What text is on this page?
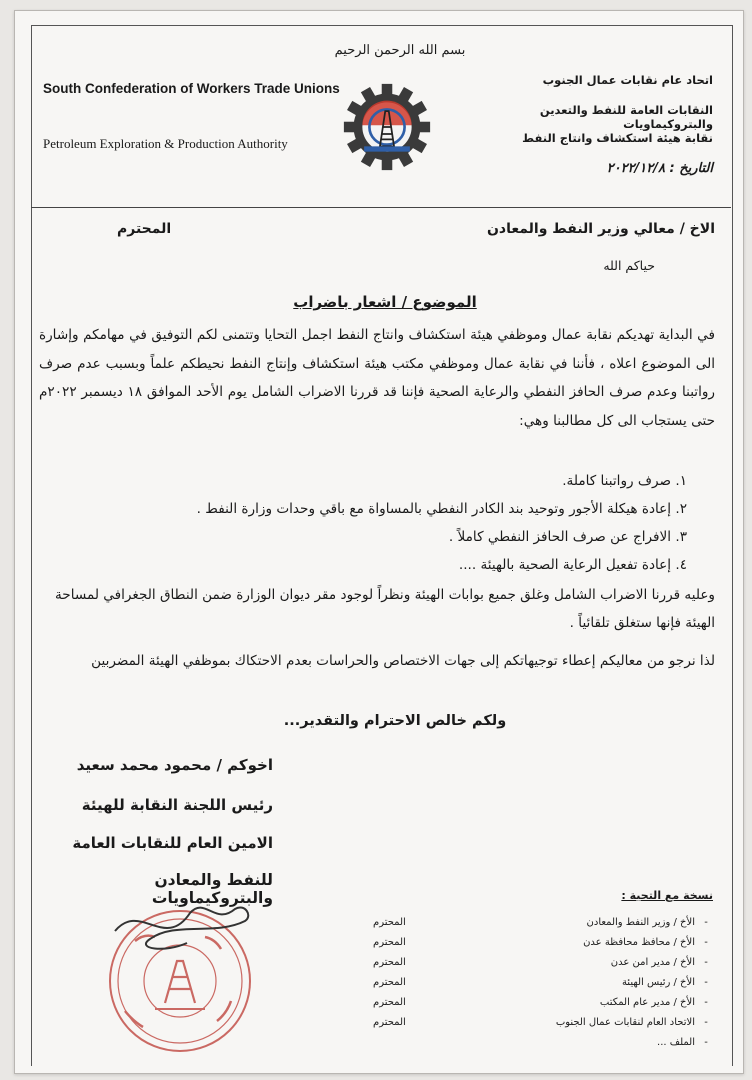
بسم الله الرحمن الرحيم
South Confederation of Workers Trade Unions
Petroleum Exploration & Production Authority
اتحاد عام نقابات عمال الجنوب
النقابات العامة للنفط والتعدين والبتروكيماويات
نقابة هيئة استكشاف وانتاج النفط
التاريخ : ٢٠٢٢/١٢/٨
الاخ / معالي وزير النفط والمعادن
المحترم
حياكم الله
الموضوع / اشعار باضراب
في البداية تهديكم نقابة عمال وموظفي هيئة استكشاف وانتاج النفط اجمل التحايا وتتمنى لكم التوفيق في مهامكم وإشارة الى الموضوع اعلاه ، فأننا في نقابة عمال وموظفي مكتب هيئة استكشاف وإنتاج النفط نحيطكم علماً وبسبب عدم صرف رواتبنا وعدم صرف الحافز النفطي والرعاية الصحية فإننا قد قررنا الاضراب الشامل يوم الأحد الموافق ١٨ ديسمبر ٢٠٢٢م حتى يستجاب الى كل مطالبنا وهي:
١. صرف رواتبنا كاملة.
٢. إعادة هيكلة الأجور وتوحيد بند الكادر النفطي بالمساواة مع باقي وحدات وزارة النفط .
٣. الافراج عن صرف الحافز النفطي كاملاً .
٤. إعادة تفعيل الرعاية الصحية بالهيئة ....
وعليه قررنا الاضراب الشامل وغلق جميع بوابات الهيئة ونظراً لوجود مقر ديوان الوزارة ضمن النطاق الجغرافي لمساحة الهيئة فإنها ستغلق تلقائياً .
لذا نرجو من معاليكم إعطاء توجيهاتكم إلى جهات الاختصاص والحراسات بعدم الاحتكاك بموظفي الهيئة المضربين
ولكم خالص الاحترام والتقدير...
اخوكم / محمود محمد سعيد
رئيس اللجنة النقابة للهيئة
الامين العام للنقابات العامة
للنفط والمعادن والبتروكيماويات	نسخة مع التحية :
-
الأخ / وزير النفط والمعادن
المحترم
-
الأخ / محافظ محافظة عدن
المحترم
-
الأخ / مدير امن عدن
المحترم
-
الأخ / رئيس الهيئة
المحترم
-
الأخ / مدير عام المكتب
المحترم
-
الاتحاد العام لنقابات عمال الجنوب
المحترم
-
الملف ...
